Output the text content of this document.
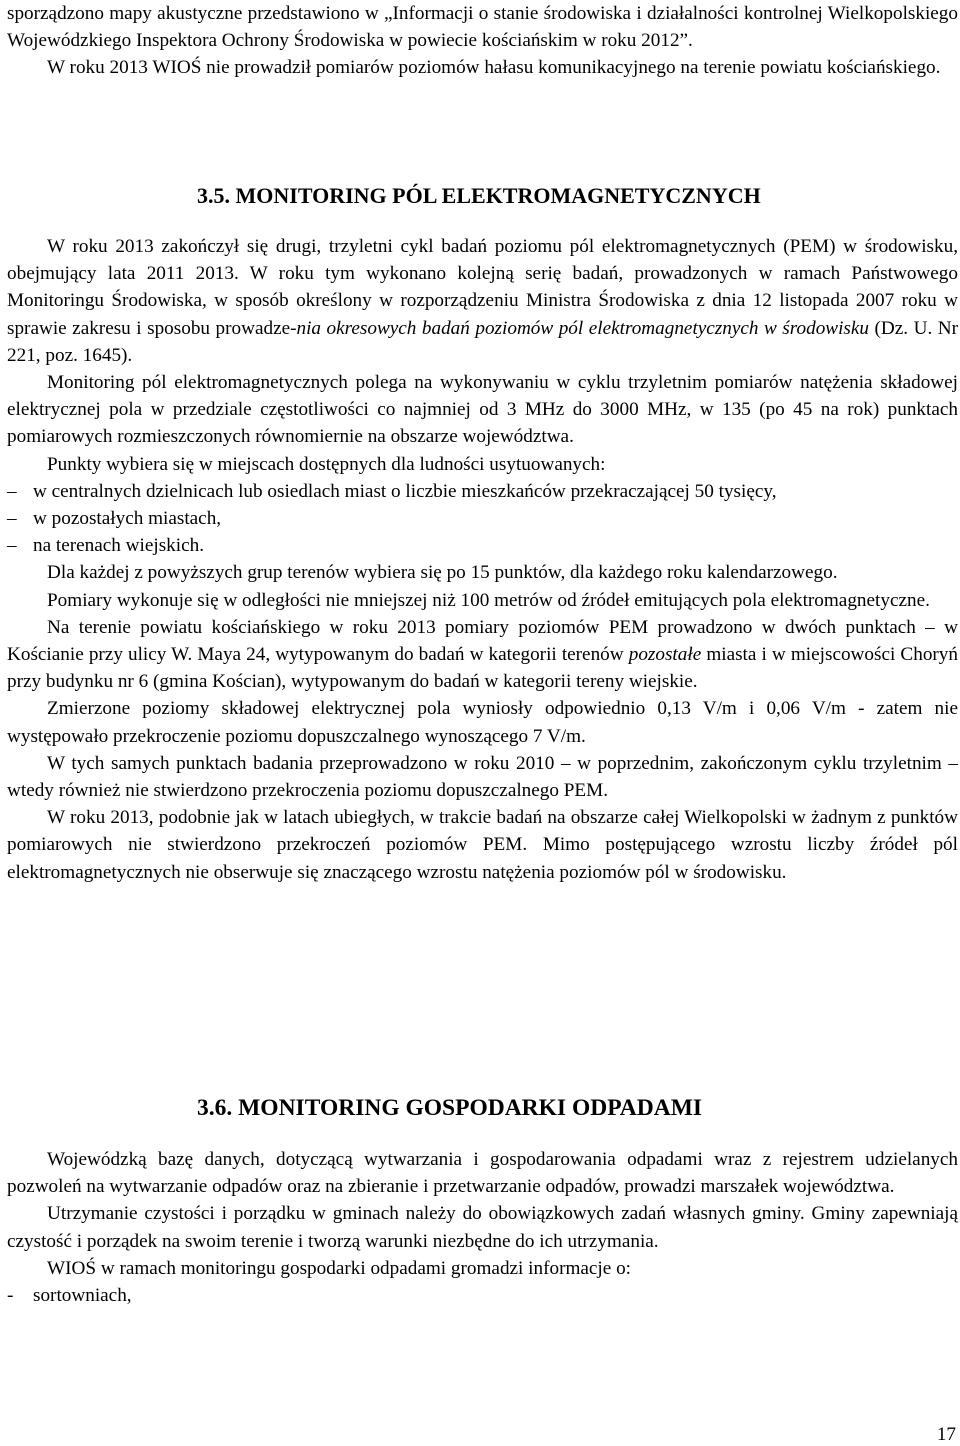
sporządzono mapy akustyczne przedstawiono w „Informacji o stanie środowiska i działalności kontrolnej Wielkopolskiego Wojewódzkiego Inspektora Ochrony Środowiska w powiecie kościańskim w roku 2012”.

W roku 2013 WIOŚ nie prowadził pomiarów poziomów hałasu komunikacyjnego na terenie powiatu kościańskiego.

3.5. MONITORING PÓL ELEKTROMAGNETYCZNYCH

W roku 2013 zakończył się drugi, trzyletni cykl badań poziomu pól elektromagnetycznych (PEM) w środowisku, obejmujący lata 2011 2013. W roku tym wykonano kolejną serię badań, prowadzonych w ramach Państwowego Monitoringu Środowiska, w sposób określony w rozporządzeniu Ministra Środowiska z dnia 12 listopada 2007 roku w sprawie zakresu i sposobu prowadze-nia okresowych badań poziomów pól elektromagnetycznych w środowisku (Dz. U. Nr 221, poz. 1645).

Monitoring pól elektromagnetycznych polega na wykonywaniu w cyklu trzyletnim pomiarów natężenia składowej elektrycznej pola w przedziale częstotliwości co najmniej od 3 MHz do 3000 MHz, w 135 (po 45 na rok) punktach pomiarowych rozmieszczonych równomiernie na obszarze województwa.

Punkty wybiera się w miejscach dostępnych dla ludności usytuowanych:

– w centralnych dzielnicach lub osiedlach miast o liczbie mieszkańców przekraczającej 50 tysięcy,
– w pozostałych miastach,
– na terenach wiejskich.

Dla każdej z powyższych grup terenów wybiera się po 15 punktów, dla każdego roku kalendarzowego.

Pomiary wykonuje się w odległości nie mniejszej niż 100 metrów od źródeł emitujących pola elektromagnetyczne.

Na terenie powiatu kościańskiego w roku 2013 pomiary poziomów PEM prowadzono w dwóch punktach – w Kościanie przy ulicy W. Maya 24, wytypowanym do badań w kategorii terenów pozostałe miasta i w miejscowości Choryń przy budynku nr 6 (gmina Kościan), wytypowanym do badań w kategorii tereny wiejskie.

Zmierzone poziomy składowej elektrycznej pola wyniosły odpowiednio 0,13 V/m i 0,06 V/m - zatem nie występowało przekroczenie poziomu dopuszczalnego wynoszącego 7 V/m.

W tych samych punktach badania przeprowadzono w roku 2010 – w poprzednim, zakończonym cyklu trzyletnim – wtedy również nie stwierdzono przekroczenia poziomu dopuszczalnego PEM.

W roku 2013, podobnie jak w latach ubiegłych, w trakcie badań na obszarze całej Wielkopolski w żadnym z punktów pomiarowych nie stwierdzono przekroczeń poziomów PEM. Mimo postępującego wzrostu liczby źródeł pól elektromagnetycznych nie obserwuje się znaczącego wzrostu natężenia poziomów pól w środowisku.

3.6. MONITORING GOSPODARKI ODPADAMI

Wojewódzką bazę danych, dotyczącą wytwarzania i gospodarowania odpadami wraz z rejestrem udzielanych pozwoleń na wytwarzanie odpadów oraz na zbieranie i przetwarzanie odpadów, prowadzi marszałek województwa.

Utrzymanie czystości i porządku w gminach należy do obowiązkowych zadań własnych gminy. Gminy zapewniają czystość i porządek na swoim terenie i tworzą warunki niezbędne do ich utrzymania.

WIOŚ w ramach monitoringu gospodarki odpadami gromadzi informacje o:

-	sortowniach,
17
